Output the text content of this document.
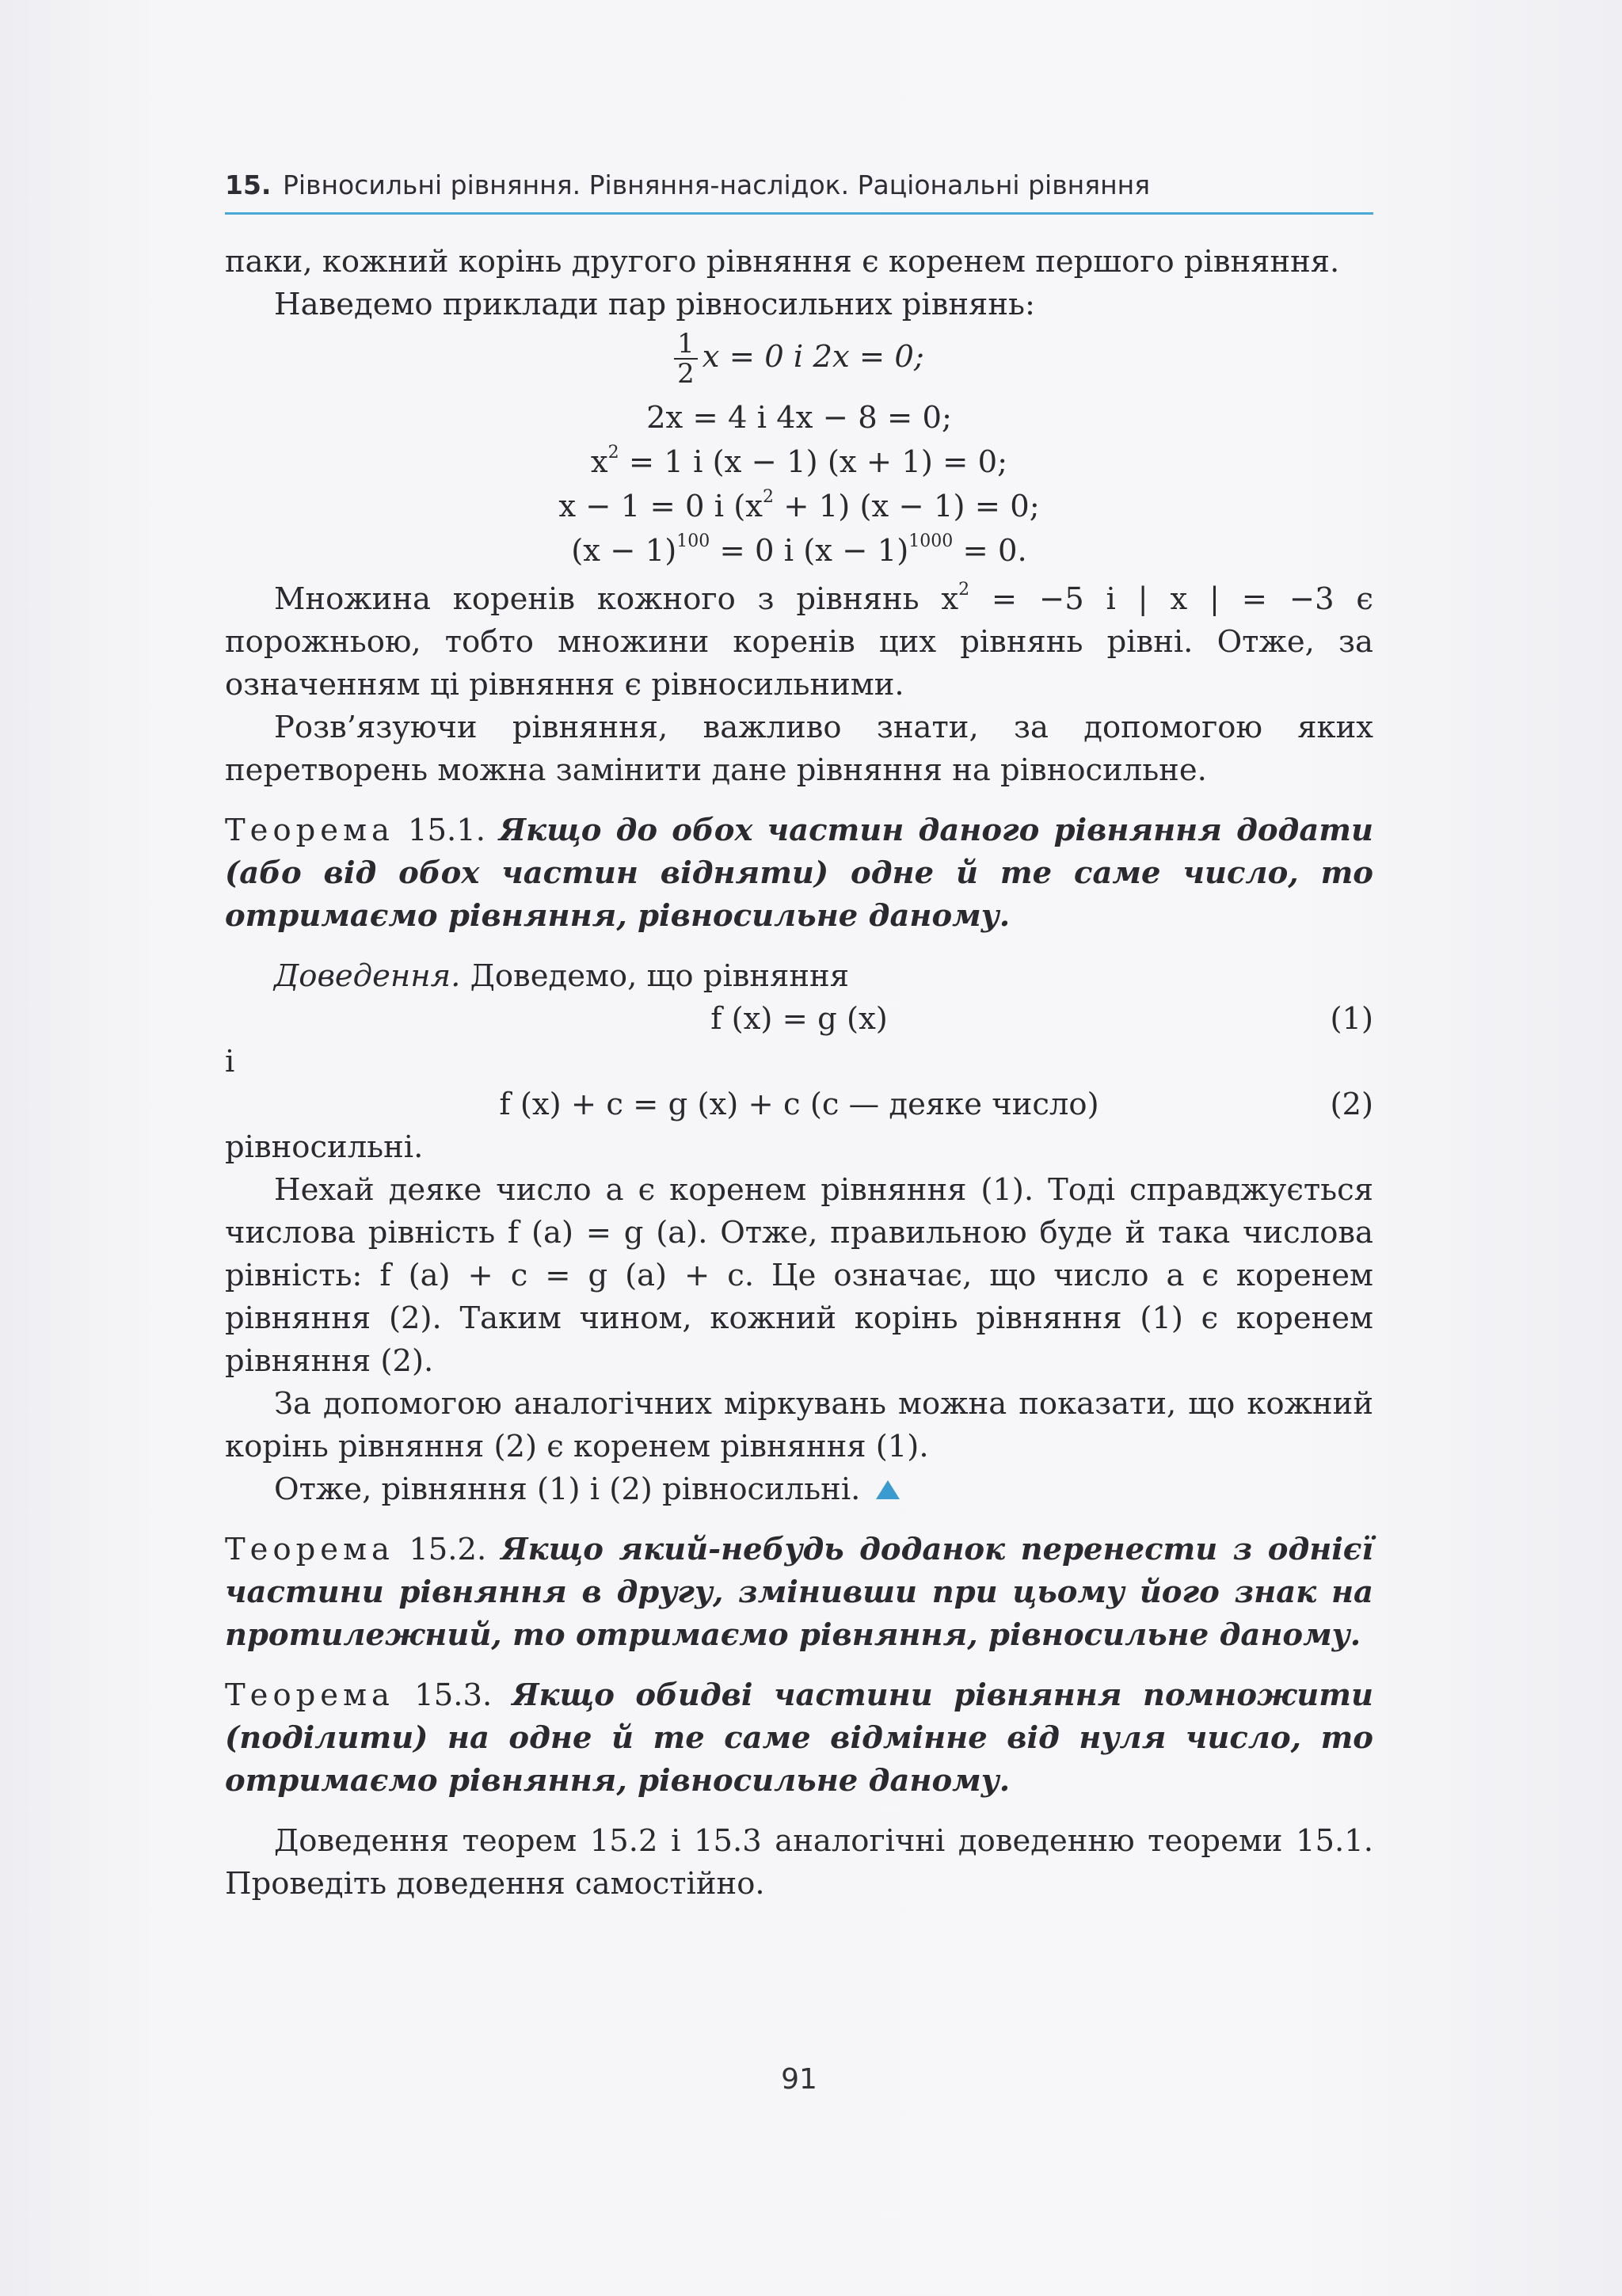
15. Рівносильні рівняння. Рівняння-наслідок. Раціональні рівняння

паки, кожний корінь другого рівняння є коренем першого рівняння.

Наведемо приклади пар рівносильних рівнянь:

$\frac{1}{2}$ x = 0 і 2x = 0;

2x = 4 і 4x − 8 = 0;

$x^2 = 1$ і (x − 1) (x + 1) = 0;

x − 1 = 0 і $(x^2 + 1) (x - 1) = 0$;

$(x - 1)^{100} = 0$ і $(x - 1)^{1000} = 0$.

Множина коренів кожного з рівнянь $x^2 = -5$ і | x | = −3 є порожньою, тобто множини коренів цих рівнянь рівні. Отже, за означенням ці рівняння є рівносильними.

Розв’язуючи рівняння, важливо знати, за допомогою яких перетворень можна замінити дане рівняння на рівносильне.

Теорема 15.1. Якщо до обох частин даного рівняння додати (або від обох частин відняти) одне й те саме число, то отримаємо рівняння, рівносильне даному.

Доведення. Доведемо, що рівняння

f (x) = g (x)	(1)

і

f (x) + c = g (x) + c (c — деяке число)	(2)

рівносильні.

Нехай деяке число a є коренем рівняння (1). Тоді справджується числова рівність f (a) = g (a). Отже, правильною буде й така числова рівність: f (a) + c = g (a) + c. Це означає, що число a є коренем рівняння (2). Таким чином, кожний корінь рівняння (1) є коренем рівняння (2).

За допомогою аналогічних міркувань можна показати, що кожний корінь рівняння (2) є коренем рівняння (1).

Отже, рівняння (1) і (2) рівносильні.

Теорема 15.2. Якщо який-небудь доданок перенести з однієї частини рівняння в другу, змінивши при цьому його знак на протилежний, то отримаємо рівняння, рівносильне даному.

Теорема 15.3. Якщо обидві частини рівняння помножити (поділити) на одне й те саме відмінне від нуля число, то отримаємо рівняння, рівносильне даному.

Доведення теорем 15.2 і 15.3 аналогічні доведенню теореми 15.1. Проведіть доведення самостійно.

91
